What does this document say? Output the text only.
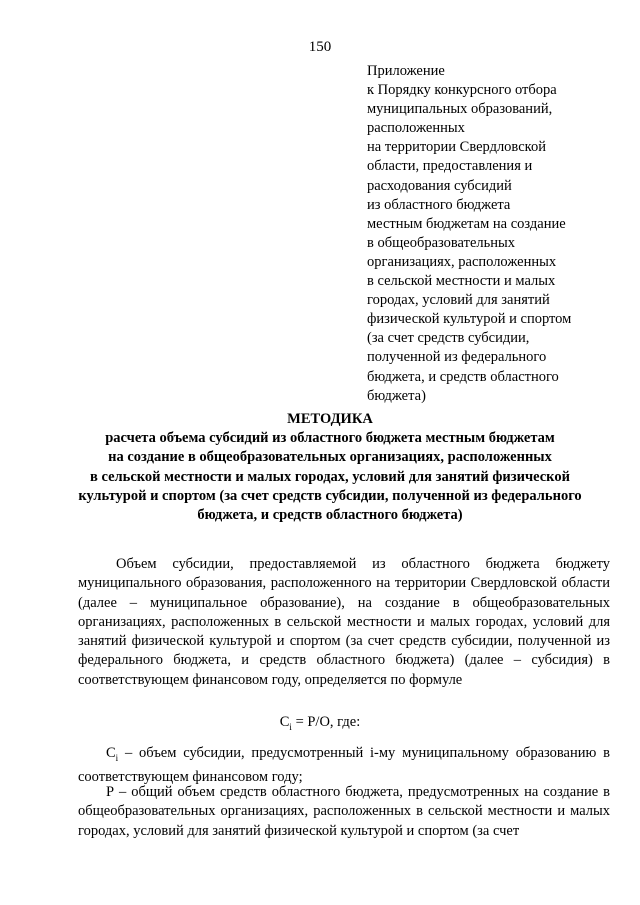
150
Приложение
к Порядку конкурсного отбора
муниципальных образований,
расположенных
на территории Свердловской
области, предоставления и
расходования субсидий
из областного бюджета
местным бюджетам на создание
в общеобразовательных
организациях, расположенных
в сельской местности и малых
городах, условий для занятий
физической культурой и спортом
(за счет средств субсидии,
полученной из федерального
бюджета, и средств областного
бюджета)
МЕТОДИКА
расчета объема субсидий из областного бюджета местным бюджетам
на создание в общеобразовательных организациях, расположенных
в сельской местности и малых городах, условий для занятий физической
культурой и спортом (за счет средств субсидии, полученной из федерального
бюджета, и средств областного бюджета)
Объем субсидии, предоставляемой из областного бюджета бюджету муниципального образования, расположенного на территории Свердловской области (далее – муниципальное образование), на создание в общеобразовательных организациях, расположенных в сельской местности и малых городах, условий для занятий физической культурой и спортом (за счет средств субсидии, полученной из федерального бюджета, и средств областного бюджета) (далее – субсидия) в соответствующем финансовом году, определяется по формуле
$С_i = Р/О$, где:
$С_i$ – объем субсидии, предусмотренный i-му муниципальному образованию в соответствующем финансовом году;
Р – общий объем средств областного бюджета, предусмотренных на создание в общеобразовательных организациях, расположенных в сельской местности и малых городах, условий для занятий физической культурой и спортом (за счет
